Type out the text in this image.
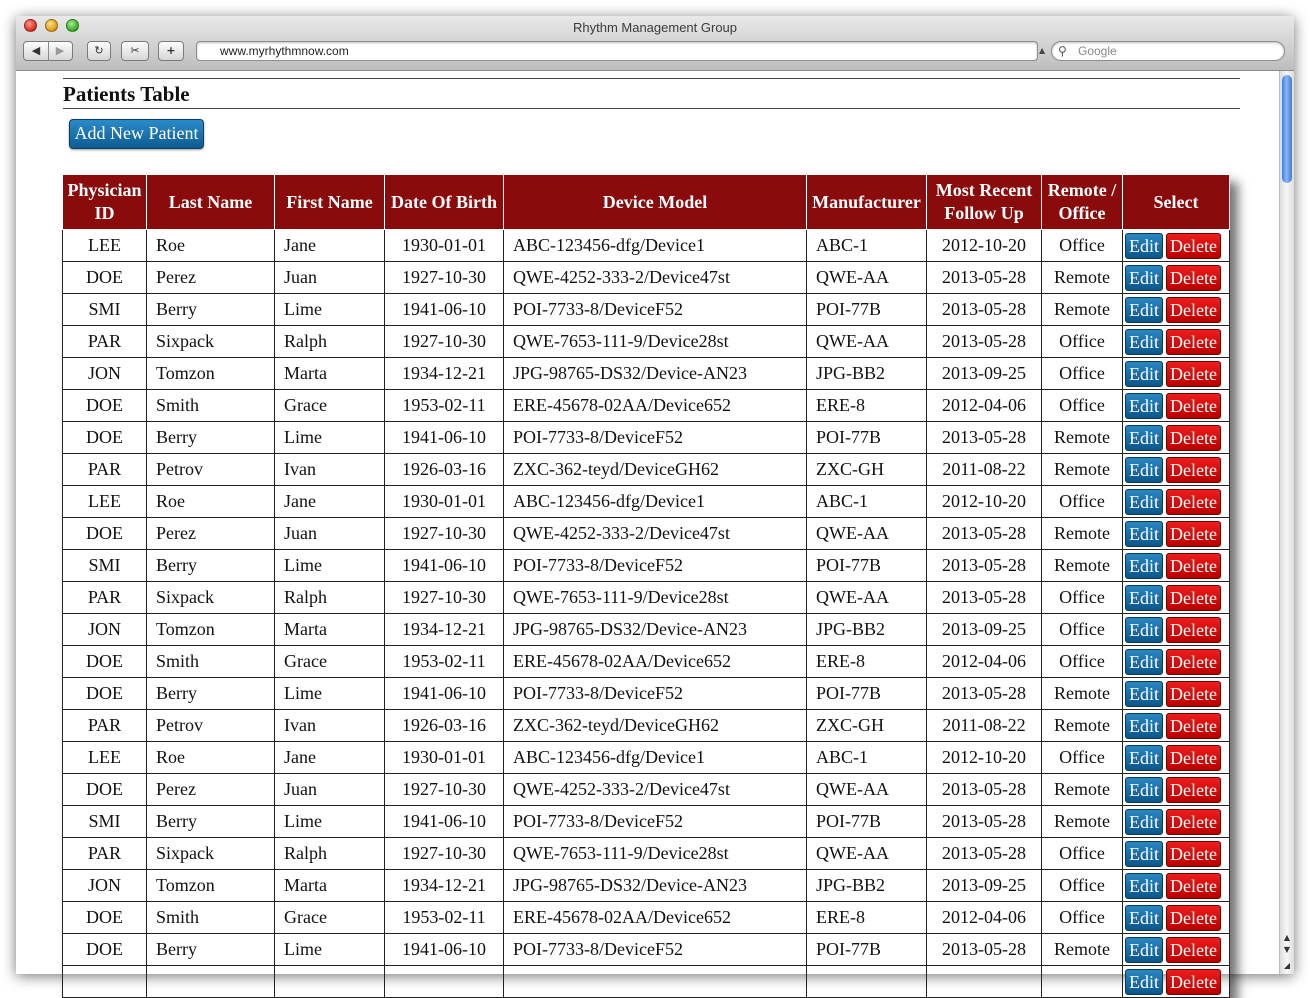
Rhythm Management Group
◀	▶	↻	✂	+	www.myrhythmnow.com	▲	⚲ Google
Patients Table
Add New Patient
Physician ID	Last Name	First Name	Date Of Birth	Device Model	Manufacturer	Most Recent Follow Up	Remote / Office	Select
LEE	Roe	Jane	1930-01-01	ABC-123456-dfg/Device1	ABC-1	2012-10-20	Office	Edit Delete
DOE	Perez	Juan	1927-10-30	QWE-4252-333-2/Device47st	QWE-AA	2013-05-28	Remote	Edit Delete
SMI	Berry	Lime	1941-06-10	POI-7733-8/DeviceF52	POI-77B	2013-05-28	Remote	Edit Delete
PAR	Sixpack	Ralph	1927-10-30	QWE-7653-111-9/Device28st	QWE-AA	2013-05-28	Office	Edit Delete
JON	Tomzon	Marta	1934-12-21	JPG-98765-DS32/Device-AN23	JPG-BB2	2013-09-25	Office	Edit Delete
DOE	Smith	Grace	1953-02-11	ERE-45678-02AA/Device652	ERE-8	2012-04-06	Office	Edit Delete
DOE	Berry	Lime	1941-06-10	POI-7733-8/DeviceF52	POI-77B	2013-05-28	Remote	Edit Delete
PAR	Petrov	Ivan	1926-03-16	ZXC-362-teyd/DeviceGH62	ZXC-GH	2011-08-22	Remote	Edit Delete
LEE	Roe	Jane	1930-01-01	ABC-123456-dfg/Device1	ABC-1	2012-10-20	Office	Edit Delete
DOE	Perez	Juan	1927-10-30	QWE-4252-333-2/Device47st	QWE-AA	2013-05-28	Remote	Edit Delete
SMI	Berry	Lime	1941-06-10	POI-7733-8/DeviceF52	POI-77B	2013-05-28	Remote	Edit Delete
PAR	Sixpack	Ralph	1927-10-30	QWE-7653-111-9/Device28st	QWE-AA	2013-05-28	Office	Edit Delete
JON	Tomzon	Marta	1934-12-21	JPG-98765-DS32/Device-AN23	JPG-BB2	2013-09-25	Office	Edit Delete
DOE	Smith	Grace	1953-02-11	ERE-45678-02AA/Device652	ERE-8	2012-04-06	Office	Edit Delete
DOE	Berry	Lime	1941-06-10	POI-7733-8/DeviceF52	POI-77B	2013-05-28	Remote	Edit Delete
PAR	Petrov	Ivan	1926-03-16	ZXC-362-teyd/DeviceGH62	ZXC-GH	2011-08-22	Remote	Edit Delete
LEE	Roe	Jane	1930-01-01	ABC-123456-dfg/Device1	ABC-1	2012-10-20	Office	Edit Delete
DOE	Perez	Juan	1927-10-30	QWE-4252-333-2/Device47st	QWE-AA	2013-05-28	Remote	Edit Delete
SMI	Berry	Lime	1941-06-10	POI-7733-8/DeviceF52	POI-77B	2013-05-28	Remote	Edit Delete
PAR	Sixpack	Ralph	1927-10-30	QWE-7653-111-9/Device28st	QWE-AA	2013-05-28	Office	Edit Delete
JON	Tomzon	Marta	1934-12-21	JPG-98765-DS32/Device-AN23	JPG-BB2	2013-09-25	Office	Edit Delete
DOE	Smith	Grace	1953-02-11	ERE-45678-02AA/Device652	ERE-8	2012-04-06	Office	Edit Delete
DOE	Berry	Lime	1941-06-10	POI-7733-8/DeviceF52	POI-77B	2013-05-28	Remote	Edit Delete
								Edit Delete
▲
▼
◢
